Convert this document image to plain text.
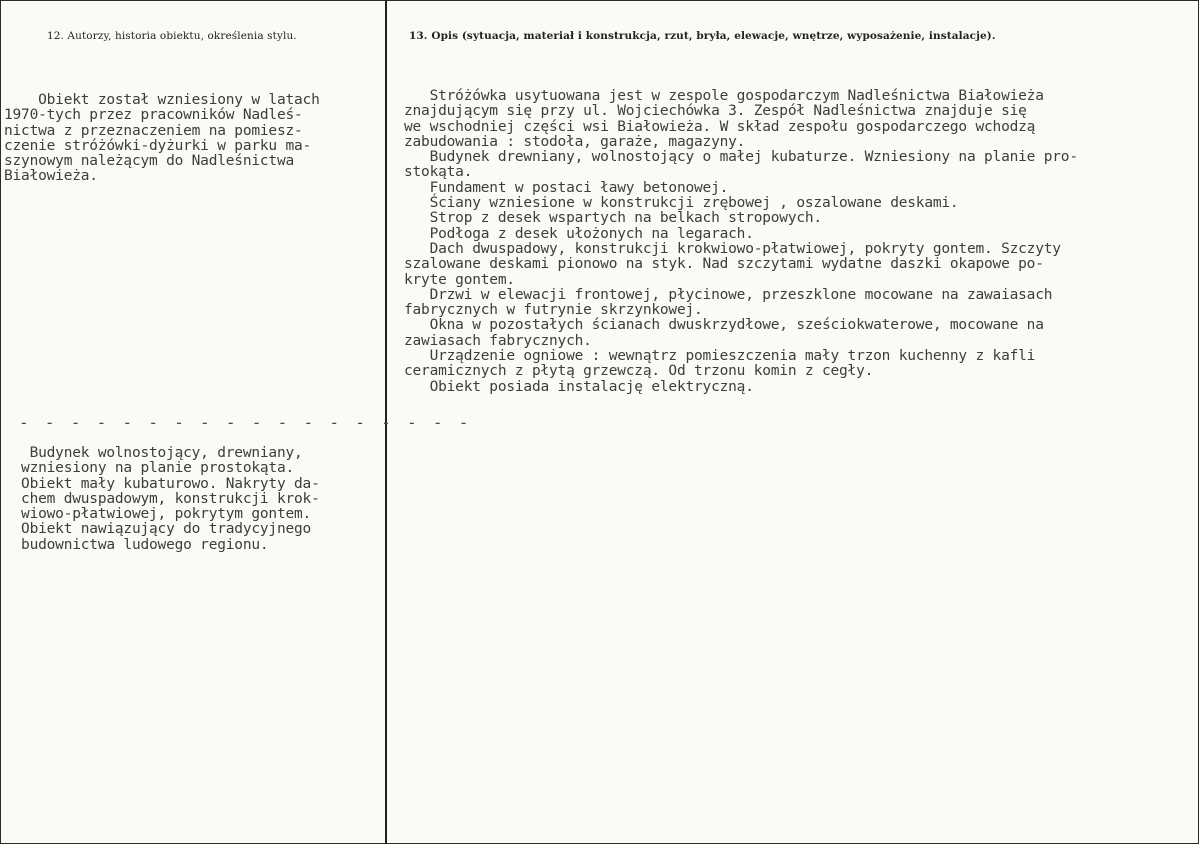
12. Autorzy, historia obiektu, określenia stylu.	13. Opis (sytuacja, materiał i konstrukcja, rzut, bryła, elewacje, wnętrze, wyposażenie, instalacje).
Obiekt został wzniesiony w latach
1970-tych przez pracowników Nadleś-
nictwa z przeznaczeniem na pomiesz-
czenie stróżówki-dyżurki w parku ma-
szynowym należącym do Nadleśnictwa
Białowieża.
- - - - - - - - - - - - - - - - - -
Budynek wolnostojący, drewniany,
wzniesiony na planie prostokąta.
Obiekt mały kubaturowo. Nakryty da-
chem dwuspadowym, konstrukcji krok-
wiowo-płatwiowej, pokrytym gontem.
Obiekt nawiązujący do tradycyjnego
budownictwa ludowego regionu.
Stróżówka usytuowana jest w zespole gospodarczym Nadleśnictwa Białowieża
znajdującym się przy ul. Wojciechówka 3. Zespół Nadleśnictwa znajduje się
we wschodniej części wsi Białowieża. W skład zespołu gospodarczego wchodzą
zabudowania : stodoła, garaże, magazyny.
Budynek drewniany, wolnostojący o małej kubaturze. Wzniesiony na planie pro-
stokąta.
Fundament w postaci ławy betonowej.
Ściany wzniesione w konstrukcji zrębowej , oszalowane deskami.
Strop z desek wspartych na belkach stropowych.
Podłoga z desek ułożonych na legarach.
Dach dwuspadowy, konstrukcji krokwiowo-płatwiowej, pokryty gontem. Szczyty
szalowane deskami pionowo na styk. Nad szczytami wydatne daszki okapowe po-
kryte gontem.
Drzwi w elewacji frontowej, płycinowe, przeszklone mocowane na zawaiasach
fabrycznych w futrynie skrzynkowej.
Okna w pozostałych ścianach dwuskrzydłowe, sześciokwaterowe, mocowane na
zawiasach fabrycznych.
Urządzenie ogniowe : wewnątrz pomieszczenia mały trzon kuchenny z kafli
ceramicznych z płytą grzewczą. Od trzonu komin z cegły.
Obiekt posiada instalację elektryczną.
